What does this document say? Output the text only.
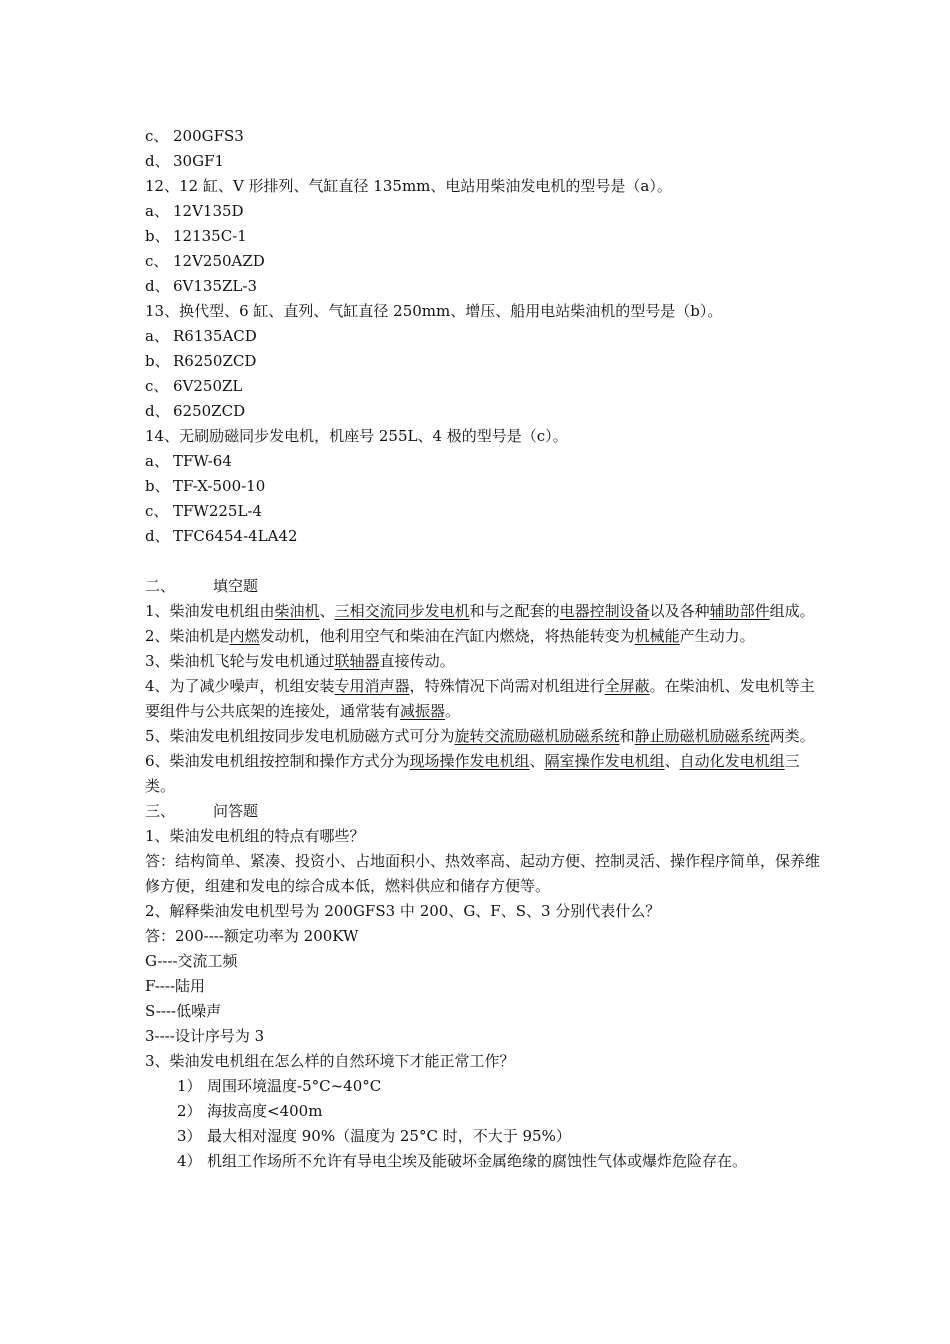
c、 200GFS3
d、 30GF1
12、12 缸、V 形排列、气缸直径 135mm、电站用柴油发电机的型号是（a）。
a、 12V135D
b、 12135C-1
c、 12V250AZD
d、 6V135ZL-3
13、换代型、6 缸、直列、气缸直径 250mm、增压、船用电站柴油机的型号是（b）。
a、 R6135ACD
b、 R6250ZCD
c、 6V250ZL
d、 6250ZCD
14、无刷励磁同步发电机，机座号 255L、4 极的型号是（c）。
a、 TFW-64
b、 TF-X-500-10
c、 TFW225L-4
d、 TFC6454-4LA42
二、	填空题
1、柴油发电机组由柴油机、三相交流同步发电机和与之配套的电器控制设备以及各种辅助部件组成。
2、柴油机是内燃发动机，他利用空气和柴油在汽缸内燃烧，将热能转变为机械能产生动力。
3、柴油机飞轮与发电机通过联轴器直接传动。
4、为了减少噪声，机组安装专用消声器，特殊情况下尚需对机组进行全屏蔽。在柴油机、发电机等主要组件与公共底架的连接处，通常装有减振器。
5、柴油发电机组按同步发电机励磁方式可分为旋转交流励磁机励磁系统和静止励磁机励磁系统两类。
6、柴油发电机组按控制和操作方式分为现场操作发电机组、隔室操作发电机组、自动化发电机组三类。
三、	问答题
1、柴油发电机组的特点有哪些？
答：结构简单、紧凑、投资小、占地面积小、热效率高、起动方便、控制灵活、操作程序简单，保养维修方便，组建和发电的综合成本低，燃料供应和储存方便等。
2、解释柴油发电机型号为 200GFS3 中 200、G、F、S、3 分别代表什么？
答：200----额定功率为 200KW
G----交流工频
F----陆用
S----低噪声
3----设计序号为 3
3、柴油发电机组在怎么样的自然环境下才能正常工作？
1） 周围环境温度-5°C~40°C
2） 海拔高度<400m
3） 最大相对湿度 90%（温度为 25°C 时，不大于 95%）
4） 机组工作场所不允许有导电尘埃及能破坏金属绝缘的腐蚀性气体或爆炸危险存在。
